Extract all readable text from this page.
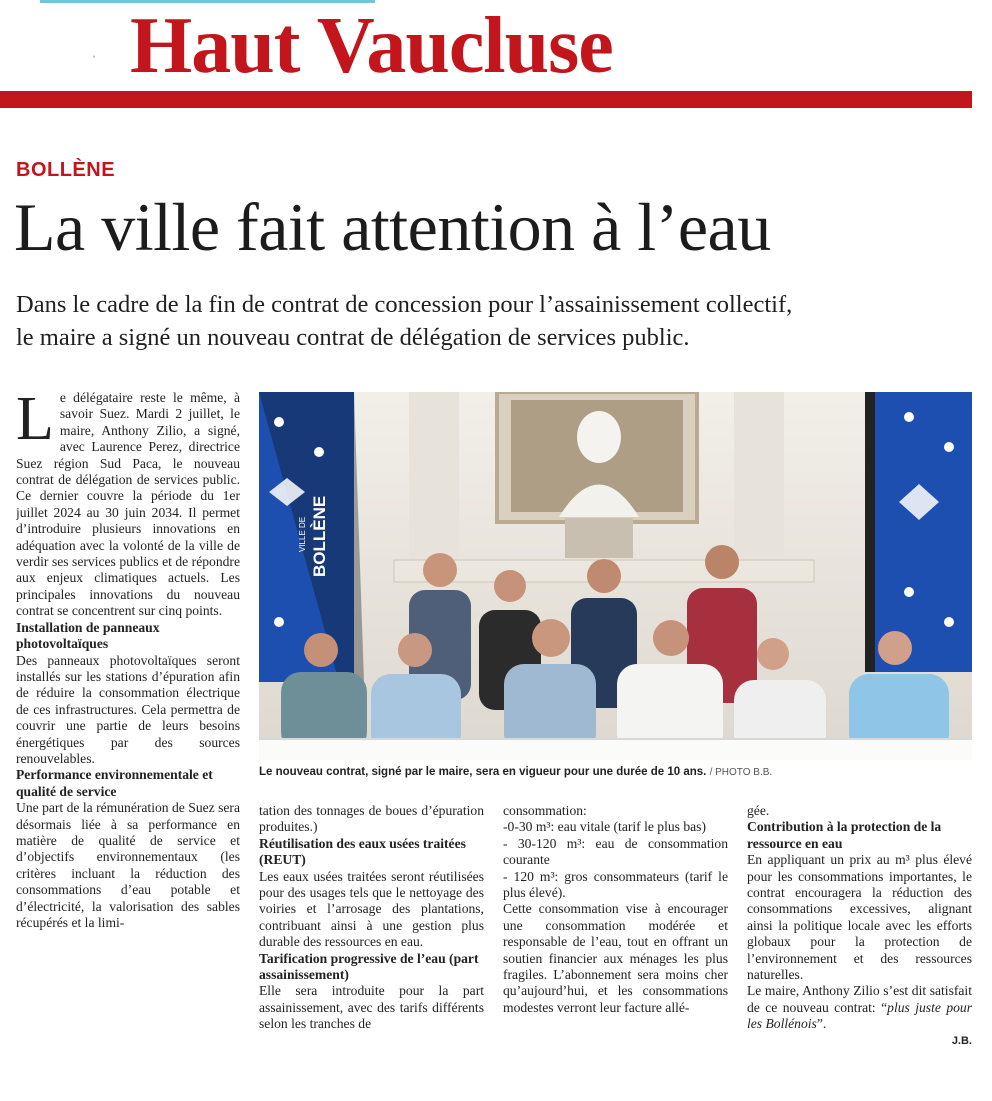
ˌ Haut Vaucluse
BOLLÈNE
La ville fait attention à l’eau
Dans le cadre de la fin de contrat de concession pour l’assainissement collectif,
le maire a signé un nouveau contrat de délégation de services public.

Le délégataire reste le même, à savoir Suez. Mardi 2 juillet, le maire, Anthony Zilio, a signé, avec Laurence Perez, directrice Suez région Sud Paca, le nouveau contrat de délégation de services public. Ce dernier couvre la période du 1er juillet 2024 au 30 juin 2034. Il permet d’introduire plusieurs innovations en adéquation avec la volonté de la ville de verdir ses services publics et de répondre aux enjeux climatiques actuels. Les principales innovations du nouveau contrat se concentrent sur cinq points.

Installation de panneaux photovoltaïques

Des panneaux photovoltaïques seront installés sur les stations d’épuration afin de réduire la consommation électrique de ces infrastructures. Cela permettra de couvrir une partie de leurs besoins énergétiques par des sources renouvelables.

Performance environnementale et qualité de service

Une part de la rémunération de Suez sera désormais liée à sa performance en matière de qualité de service et d’objectifs environnementaux (les critères incluant la réduction des consommations d’eau potable et d’électricité, la valorisation des sables récupérés et la limi-

BOLLÈNE
VILLE DE
Le nouveau contrat, signé par le maire, sera en vigueur pour une durée de 10 ans. / PHOTO B.B.

tation des tonnages de boues d’épuration produites.)

Réutilisation des eaux usées traitées (REUT)

Les eaux usées traitées seront réutilisées pour des usages tels que le nettoyage des voiries et l’arrosage des plantations, contribuant ainsi à une gestion plus durable des ressources en eau.

Tarification progressive de l’eau (part assainissement)

Elle sera introduite pour la part assainissement, avec des tarifs différents selon les tranches de

consommation:

-0-30 m³: eau vitale (tarif le plus bas)

- 30-120 m³: eau de consommation courante

- 120 m³: gros consommateurs (tarif le plus élevé).

Cette consommation vise à encourager une consommation modérée et responsable de l’eau, tout en offrant un soutien financier aux ménages les plus fragiles. L’abonnement sera moins cher qu’aujourd’hui, et les consommations modestes verront leur facture allé-

gée.

Contribution à la protection de la ressource en eau

En appliquant un prix au m³ plus élevé pour les consommations importantes, le contrat encouragera la réduction des consommations excessives, alignant ainsi la politique locale avec les efforts globaux pour la protection de l’environnement et des ressources naturelles.

Le maire, Anthony Zilio s’est dit satisfait de ce nouveau contrat: “plus juste pour les Bollénois”.

J.B.
